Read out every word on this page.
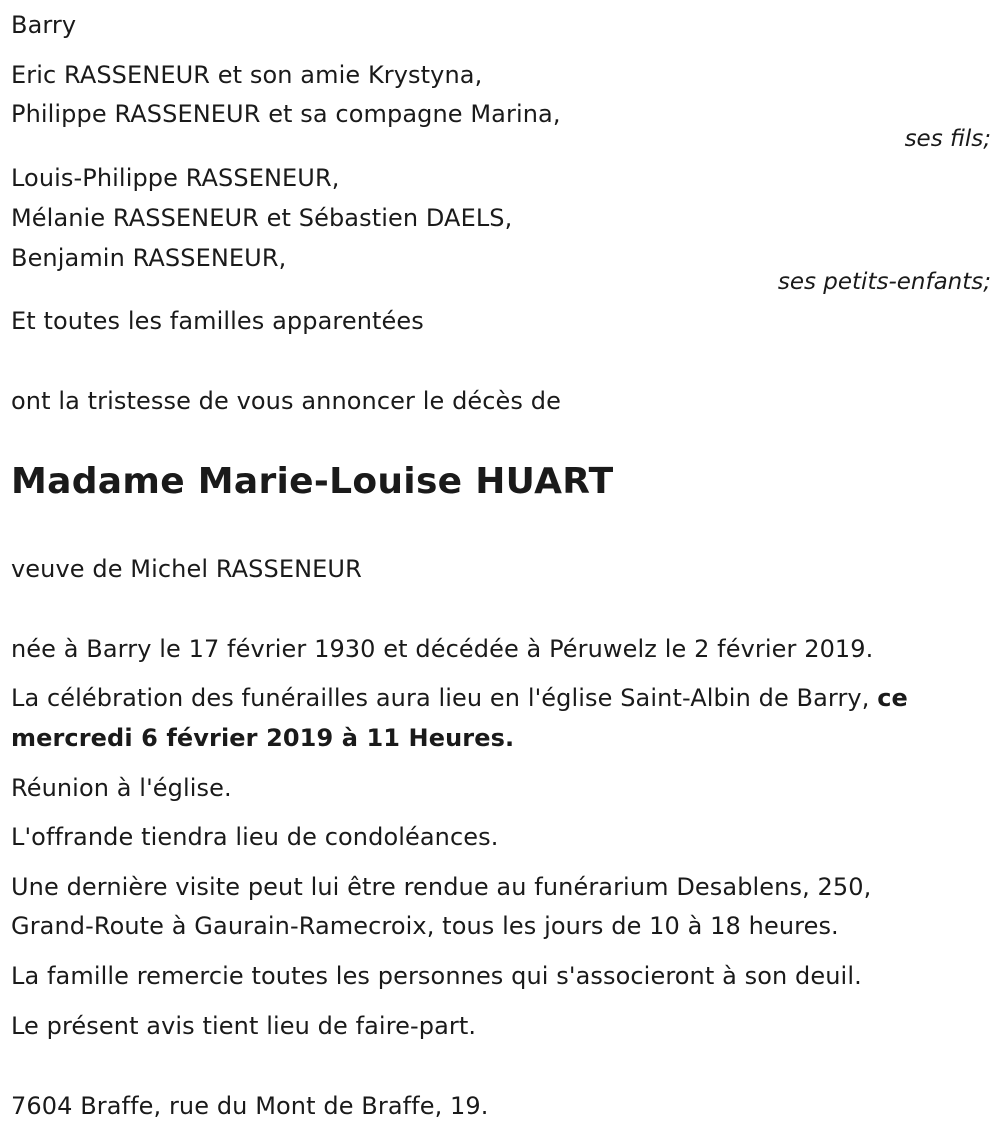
Barry
Eric RASSENEUR et son amie Krystyna,
Philippe RASSENEUR et sa compagne Marina,
ses fils;
Louis-Philippe RASSENEUR,
Mélanie RASSENEUR et Sébastien DAELS,
Benjamin RASSENEUR,
ses petits-enfants;
Et toutes les familles apparentées
ont la tristesse de vous annoncer le décès de
Madame Marie-Louise HUART
veuve de Michel RASSENEUR
née à Barry le 17 février 1930 et décédée à Péruwelz le 2 février 2019.
La célébration des funérailles aura lieu en l'église Saint-Albin de Barry, ce
mercredi 6 février 2019 à 11 Heures.
Réunion à l'église.
L'offrande tiendra lieu de condoléances.
Une dernière visite peut lui être rendue au funérarium Desablens, 250,
Grand-Route à Gaurain-Ramecroix, tous les jours de 10 à 18 heures.
La famille remercie toutes les personnes qui s'associeront à son deuil.
Le présent avis tient lieu de faire-part.
7604 Braffe, rue du Mont de Braffe, 19.
